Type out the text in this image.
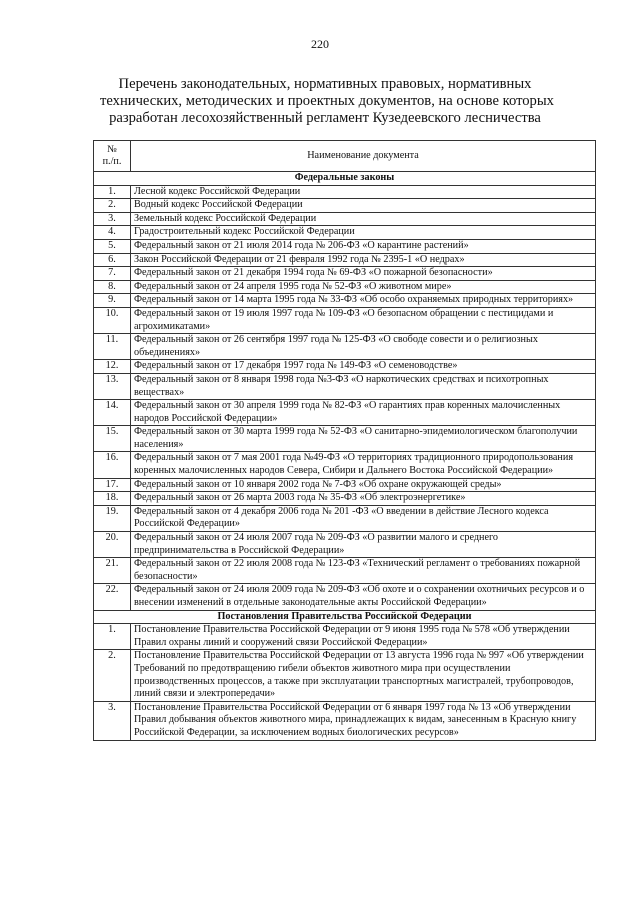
220
Перечень законодательных, нормативных правовых, нормативных
технических, методических и проектных документов, на основе которых
разработан лесохозяйственный регламент Кузедеевского лесничества
№
п./п.	Наименование документа
Федеральные законы	
1.	Лесной кодекс Российской Федерации
2.	Водный кодекс Российской Федерации
3.	Земельный кодекс Российской Федерации
4.	Градостроительный кодекс Российской Федерации
5.	Федеральный закон от 21 июля 2014 года № 206-ФЗ «О карантине растений»
6.	Закон Российской Федерации от 21 февраля 1992 года № 2395-1 «О недрах»
7.	Федеральный закон от 21 декабря 1994 года № 69-ФЗ «О пожарной безопасности»
8.	Федеральный закон от 24 апреля 1995 года № 52-ФЗ «О животном мире»
9.	Федеральный закон от 14 марта 1995 года № 33-ФЗ «Об особо охраняемых природных территориях»
10.	Федеральный закон от 19 июля 1997 года № 109-ФЗ «О безопасном обращении с пестицидами и агрохимикатами»
11.	Федеральный закон от 26 сентября 1997 года № 125-ФЗ «О свободе совести и о религиозных объединениях»
12.	Федеральный закон от 17 декабря 1997 года № 149-ФЗ «О семеноводстве»
13.	Федеральный закон от 8 января 1998 года №3-ФЗ «О наркотических средствах и психотропных веществах»
14.	Федеральный закон от 30 апреля 1999 года № 82-ФЗ «О гарантиях прав коренных малочисленных народов Российской Федерации»
15.	Федеральный закон от 30 марта 1999 года № 52-ФЗ «О санитарно-эпидемиологическом благополучии населения»
16.	Федеральный закон от 7 мая 2001 года №49-ФЗ «О территориях традиционного природопользования коренных малочисленных народов Севера, Сибири и Дальнего Востока Российской Федерации»
17.	Федеральный закон от 10 января 2002 года № 7-ФЗ «Об охране окружающей среды»
18.	Федеральный закон от 26 марта 2003 года № 35-ФЗ «Об электроэнергетике»
19.	Федеральный закон от 4 декабря 2006 года № 201 -ФЗ «О введении в действие Лесного кодекса Российской Федерации»
20.	Федеральный закон от 24 июля 2007 года № 209-ФЗ «О развитии малого и среднего предпринимательства в Российской Федерации»
21.	Федеральный закон от 22 июля 2008 года № 123-ФЗ «Технический регламент о требованиях пожарной безопасности»
22.	Федеральный закон от 24 июля 2009 года № 209-ФЗ «Об охоте и о сохранении охотничьих ресурсов и о внесении изменений в отдельные законодательные акты Российской Федерации»
Постановления Правительства Российской Федерации	
1.	Постановление Правительства Российской Федерации от 9 июня 1995 года № 578 «Об утверждении Правил охраны линий и сооружений связи Российской Федерации»
2.	Постановление Правительства Российской Федерации от 13 августа 1996 года № 997 «Об утверждении Требований по предотвращению гибели объектов животного мира при осуществлении производственных процессов, а также при эксплуатации транспортных магистралей, трубопроводов, линий связи и электропередачи»
3.	Постановление Правительства Российской Федерации от 6 января 1997 года № 13 «Об утверждении Правил добывания объектов животного мира, принадлежащих к видам, занесенным в Красную книгу Российской Федерации, за исключением водных биологических ресурсов»
